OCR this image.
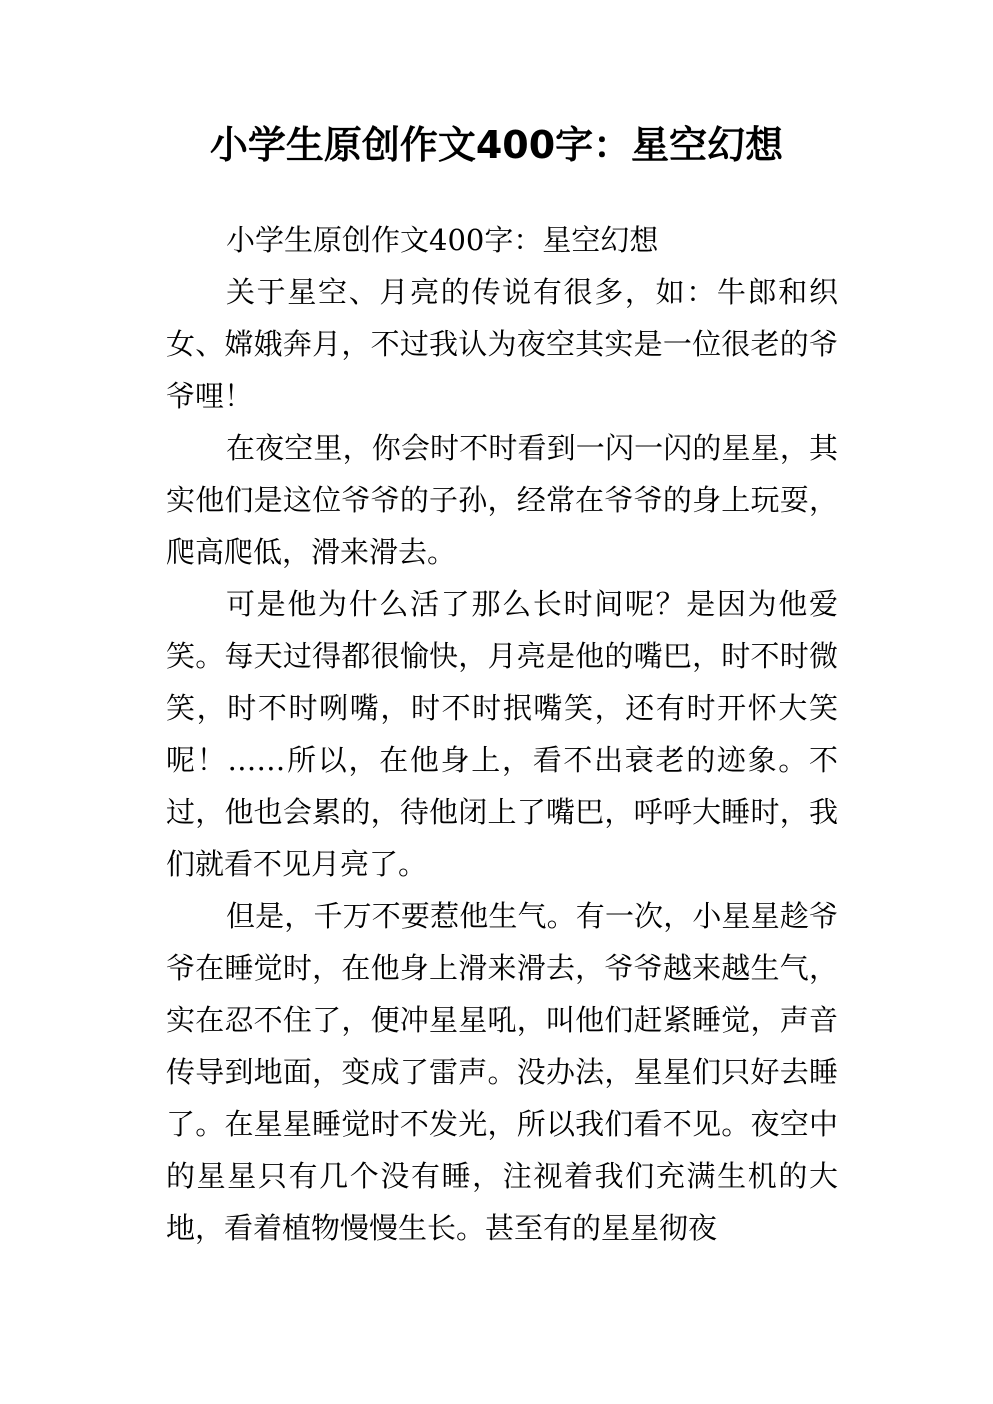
小学生原创作文400字：星空幻想

小学生原创作文400字：星空幻想

关于星空、月亮的传说有很多，如：牛郎和织女、嫦娥奔月，不过我认为夜空其实是一位很老的爷爷哩！

在夜空里，你会时不时看到一闪一闪的星星，其实他们是这位爷爷的子孙，经常在爷爷的身上玩耍，爬高爬低，滑来滑去。

可是他为什么活了那么长时间呢？是因为他爱笑。每天过得都很愉快，月亮是他的嘴巴，时不时微笑，时不时咧嘴，时不时抿嘴笑，还有时开怀大笑呢！……所以，在他身上，看不出衰老的迹象。不过，他也会累的，待他闭上了嘴巴，呼呼大睡时，我们就看不见月亮了。

但是，千万不要惹他生气。有一次，小星星趁爷爷在睡觉时，在他身上滑来滑去，爷爷越来越生气，实在忍不住了，便冲星星吼，叫他们赶紧睡觉，声音传导到地面，变成了雷声。没办法，星星们只好去睡了。在星星睡觉时不发光，所以我们看不见。夜空中的星星只有几个没有睡，注视着我们充满生机的大地，看着植物慢慢生长。甚至有的星星彻夜
